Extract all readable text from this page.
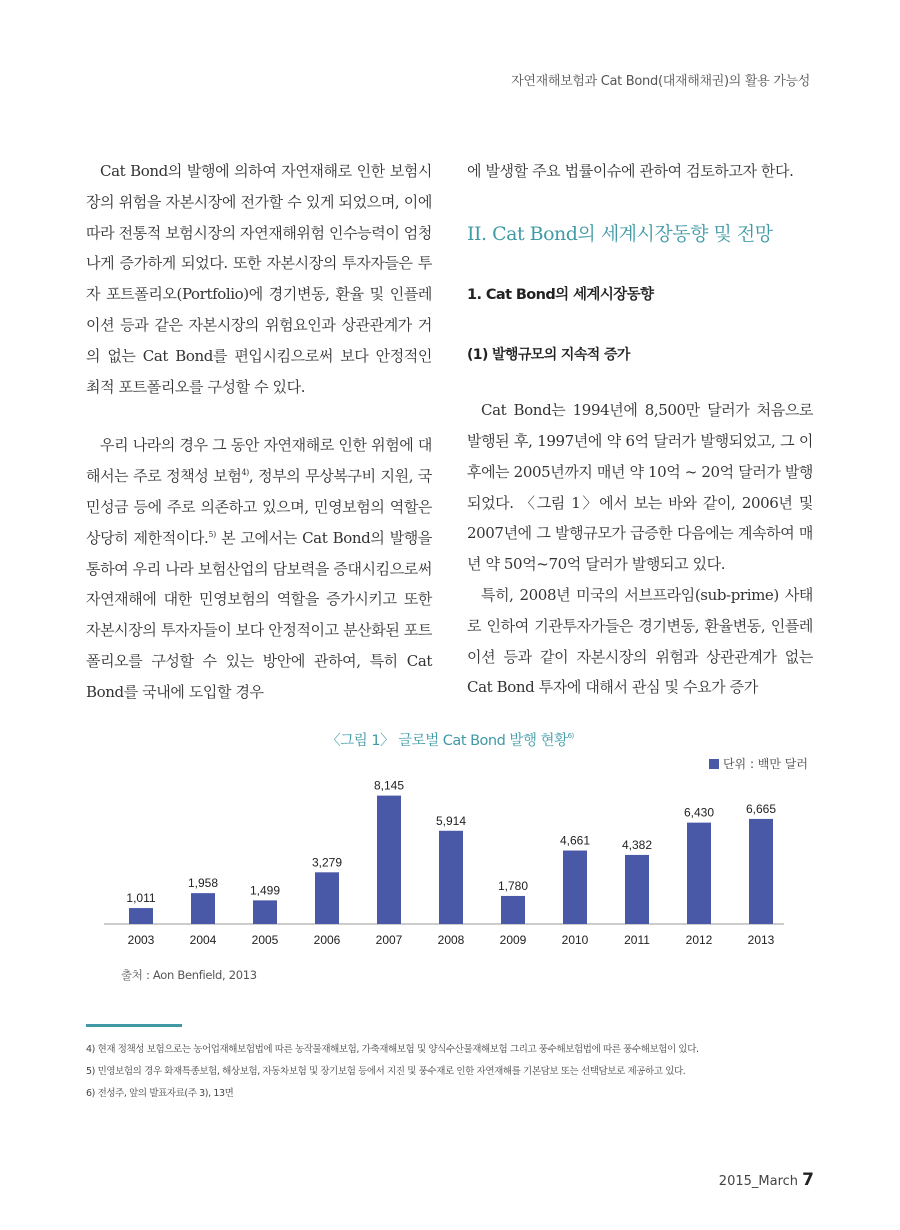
자연재해보험과 Cat Bond(대재해채권)의 활용 가능성

Cat Bond의 발행에 의하여 자연재해로 인한 보험시장의 위험을 자본시장에 전가할 수 있게 되었으며, 이에 따라 전통적 보험시장의 자연재해위험 인수능력이 엄청나게 증가하게 되었다. 또한 자본시장의 투자자들은 투자 포트폴리오(Portfolio)에 경기변동, 환율 및 인플레이션 등과 같은 자본시장의 위험요인과 상관관계가 거의 없는 Cat Bond를 편입시킴으로써 보다 안정적인 최적 포트폴리오를 구성할 수 있다.

우리 나라의 경우 그 동안 자연재해로 인한 위험에 대해서는 주로 정책성 보험$^{4)}$, 정부의 무상복구비 지원, 국민성금 등에 주로 의존하고 있으며, 민영보험의 역할은 상당히 제한적이다.$^{5)}$ 본 고에서는 Cat Bond의 발행을 통하여 우리 나라 보험산업의 담보력을 증대시킴으로써 자연재해에 대한 민영보험의 역할을 증가시키고 또한 자본시장의 투자자들이 보다 안정적이고 분산화된 포트폴리오를 구성할 수 있는 방안에 관하여, 특히 Cat Bond를 국내에 도입할 경우

에 발생할 주요 법률이슈에 관하여 검토하고자 한다.

II. Cat Bond의 세계시장동향 및 전망
1. Cat Bond의 세계시장동향
(1) 발행규모의 지속적 증가

Cat Bond는 1994년에 8,500만 달러가 처음으로 발행된 후, 1997년에 약 6억 달러가 발행되었고, 그 이후에는 2005년까지 매년 약 10억 ~ 20억 달러가 발행되었다. 〈그림 1〉에서 보는 바와 같이, 2006년 및 2007년에 그 발행규모가 급증한 다음에는 계속하여 매년 약 50억~70억 달러가 발행되고 있다.

특히, 2008년 미국의 서브프라임(sub-prime) 사태로 인하여 기관투자가들은 경기변동, 환율변동, 인플레이션 등과 같이 자본시장의 위험과 상관관계가 없는 Cat Bond 투자에 대해서 관심 및 수요가 증가

〈그림 1〉 글로벌 Cat Bond 발행 현황$^{6)}$
단위 : 백만 달러
1,011
2003
1,958
2004
1,499
2005
3,279
2006
8,145
2007
5,914
2008
1,780
2009
4,661
2010
4,382
2011
6,430
2012
6,665
2013
출처 : Aon Benfield, 2013
4) 현재 정책성 보험으로는 농어업재해보험법에 따른 농작물재해보험, 가축재해보험 및 양식수산물재해보험 그리고 풍수해보험법에 따른 풍수해보험이 있다.
5) 민영보험의 경우 화재특종보험, 해상보험, 자동차보험 및 장기보험 등에서 지진 및 풍수재로 인한 자연재해를 기본담보 또는 선택담보로 제공하고 있다.
6) 전성주, 앞의 발표자료(주 3), 13면
2015_March 7
